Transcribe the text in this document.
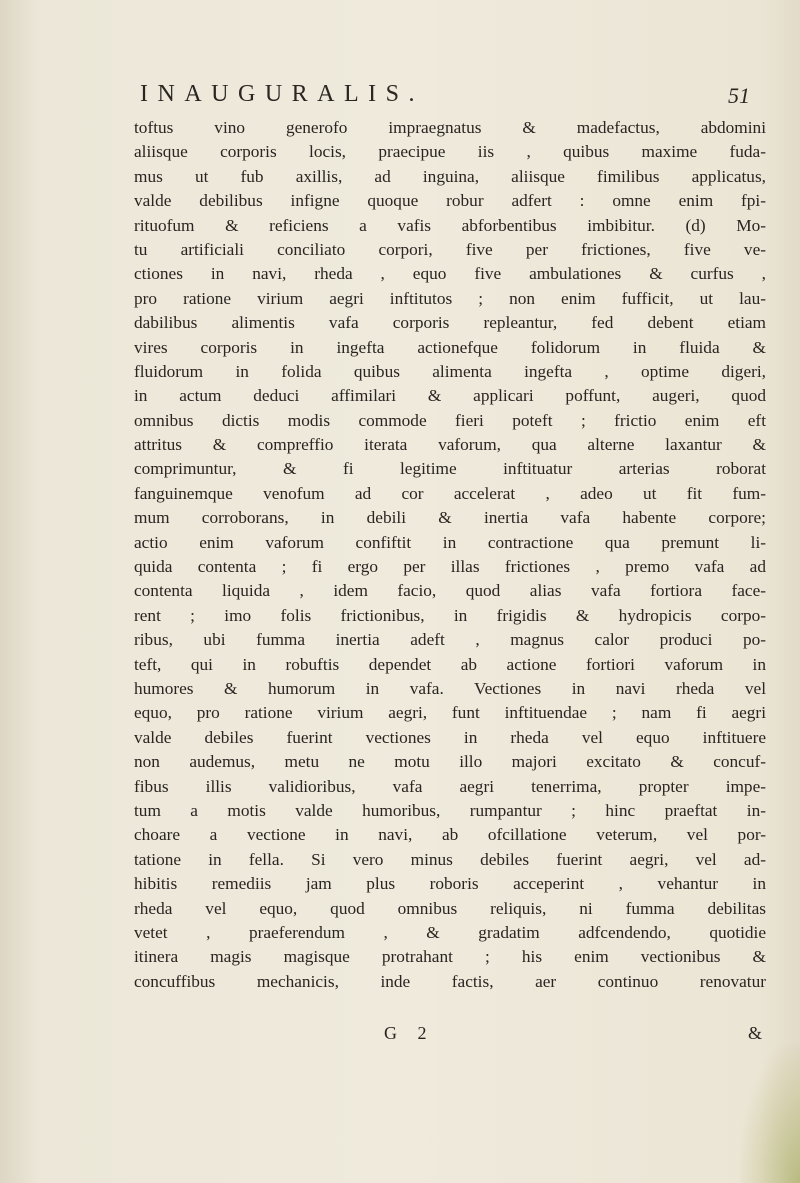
INAUGURALIS.	51
toftus vino generofo impraegnatus & madefactus, abdomini
aliisque corporis locis, praecipue iis , quibus maxime fuda-
mus ut fub axillis, ad inguina, aliisque fimilibus applicatus,
valde debilibus infigne quoque robur adfert : omne enim fpi-
rituofum & reficiens a vafis abforbentibus imbibitur. (d) Mo-
tu artificiali conciliato corpori, five per frictiones, five ve-
ctiones in navi, rheda , equo five ambulationes & curfus ,
pro ratione virium aegri inftitutos ; non enim fufficit, ut lau-
dabilibus alimentis vafa corporis repleantur, fed debent etiam
vires corporis in ingefta actionefque folidorum in fluida &
fluidorum in folida quibus alimenta ingefta , optime digeri,
in actum deduci affimilari & applicari poffunt, augeri, quod
omnibus dictis modis commode fieri poteft ; frictio enim eft
attritus & compreffio iterata vaforum, qua alterne laxantur &
comprimuntur, & fi legitime inftituatur arterias roborat
fanguinemque venofum ad cor accelerat , adeo ut fit fum-
mum corroborans, in debili & inertia vafa habente corpore;
actio enim vaforum confiftit in contractione qua premunt li-
quida contenta ; fi ergo per illas frictiones , premo vafa ad
contenta liquida , idem facio, quod alias vafa fortiora face-
rent ; imo folis frictionibus, in frigidis & hydropicis corpo-
ribus, ubi fumma inertia adeft , magnus calor produci po-
teft, qui in robuftis dependet ab actione fortiori vaforum in
humores & humorum in vafa. Vectiones in navi rheda vel
equo, pro ratione virium aegri, funt inftituendae ; nam fi aegri
valde debiles fuerint vectiones in rheda vel equo inftituere
non audemus, metu ne motu illo majori excitato & concuf-
fibus illis validioribus, vafa aegri tenerrima, propter impe-
tum a motis valde humoribus, rumpantur ; hinc praeftat in-
choare a vectione in navi, ab ofcillatione veterum, vel por-
tatione in fella. Si vero minus debiles fuerint aegri, vel ad-
hibitis remediis jam plus roboris acceperint , vehantur in
rheda vel equo, quod omnibus reliquis, ni fumma debilitas
vetet , praeferendum , & gradatim adfcendendo, quotidie
itinera magis magisque protrahant ; his enim vectionibus &
concuffibus mechanicis, inde factis, aer continuo renovatur
G 2	&
